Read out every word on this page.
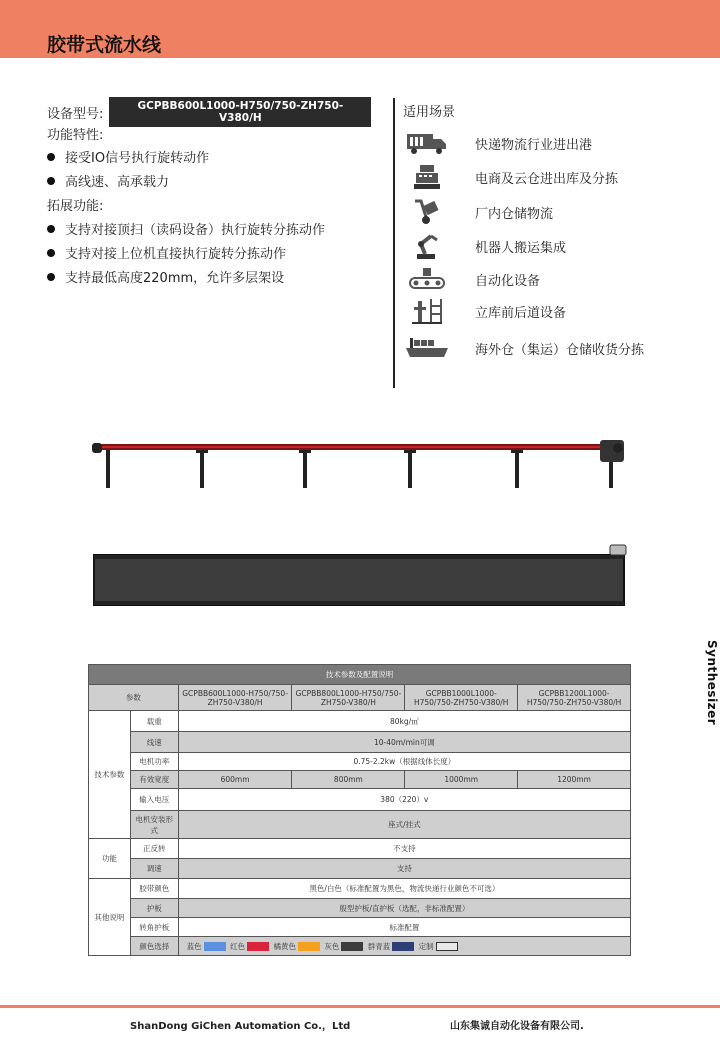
胶带式流水线
设备型号:
GCPBB600L1000-H750/750-ZH750-V380/H
功能特性:
接受IO信号执行旋转动作
高线速、高承载力
拓展功能:
支持对接顶扫（读码设备）执行旋转分拣动作
支持对接上位机直接执行旋转分拣动作
支持最低高度220mm，允许多层架设
适用场景
快递物流行业进出港
电商及云仓进出库及分拣
厂内仓储物流
机器人搬运集成
自动化设备
立库前后道设备
海外仓（集运）仓储收货分拣
Synthesizer
技术参数及配置说明					
参数		GCPBB600L1000-H750/750-ZH750-V380/H	GCPBB800L1000-H750/750-ZH750-V380/H	GCPBB1000L1000-H750/750-ZH750-V380/H	GCPBB1200L1000-H750/750-ZH750-V380/H
技术参数	载重	80kg/㎡			
	线速	10-40m/min可调			
	电机功率	0.75-2.2kw（根据线体长度）			
	有效宽度	600mm	800mm	1000mm	1200mm
	输入电压	380（220）v			
	电机安装形式	座式/挂式			
功能	正反转	不支持			
	调速	支持			
其他说明	胶带颜色	黑色/白色（标准配置为黑色，物流快递行业颜色不可选）			
	护板	殷型护板/直护板（选配，非标准配置）			
	转角护板	标准配置			
	颜色选择	蓝色 红色 橘黄色 灰色 群青蓝 定制			
ShanDong GiChen Automation Co.，Ltd	山东集诚自动化设备有限公司.
